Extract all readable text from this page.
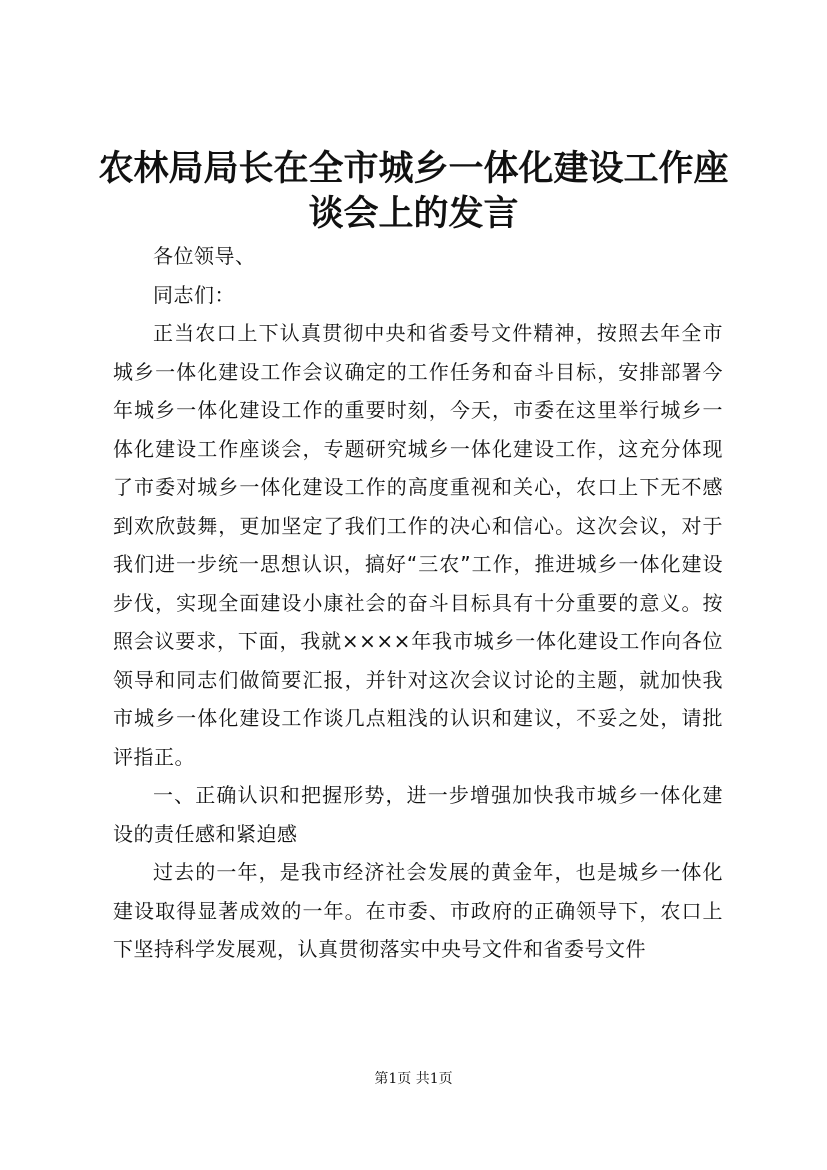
农林局局长在全市城乡一体化建设工作座谈会上的发言

各位领导、

同志们：

正当农口上下认真贯彻中央和省委号文件精神，按照去年全市城乡一体化建设工作会议确定的工作任务和奋斗目标，安排部署今年城乡一体化建设工作的重要时刻，今天，市委在这里举行城乡一体化建设工作座谈会，专题研究城乡一体化建设工作，这充分体现了市委对城乡一体化建设工作的高度重视和关心，农口上下无不感到欢欣鼓舞，更加坚定了我们工作的决心和信心。这次会议，对于我们进一步统一思想认识，搞好“三农”工作，推进城乡一体化建设步伐，实现全面建设小康社会的奋斗目标具有十分重要的意义。按照会议要求，下面，我就××××年我市城乡一体化建设工作向各位领导和同志们做简要汇报，并针对这次会议讨论的主题，就加快我市城乡一体化建设工作谈几点粗浅的认识和建议，不妥之处，请批评指正。

一、正确认识和把握形势，进一步增强加快我市城乡一体化建设的责任感和紧迫感

过去的一年，是我市经济社会发展的黄金年，也是城乡一体化建设取得显著成效的一年。在市委、市政府的正确领导下，农口上下坚持科学发展观，认真贯彻落实中央号文件和省委号文件

第1页 共1页
